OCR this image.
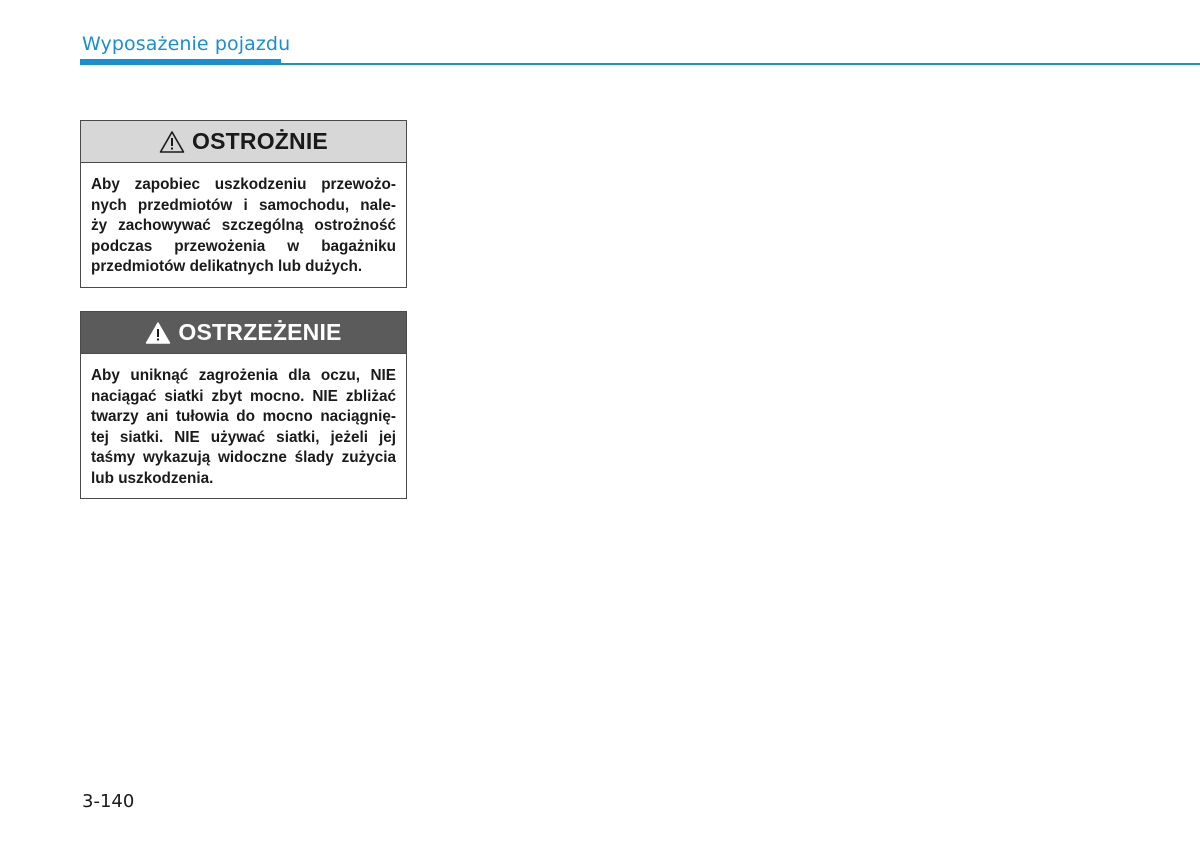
Wyposażenie pojazdu
OSTROŻNIE
Aby zapobiec uszkodzeniu przewożo-
nych przedmiotów i samochodu, nale-
ży zachowywać szczególną ostrożność
podczas przewożenia w bagażniku
przedmiotów delikatnych lub dużych.
OSTRZEŻENIE
Aby uniknąć zagrożenia dla oczu, NIE
naciągać siatki zbyt mocno. NIE zbliżać
twarzy ani tułowia do mocno naciągnię-
tej siatki. NIE używać siatki, jeżeli jej
taśmy wykazują widoczne ślady zużycia
lub uszkodzenia.
3-140
